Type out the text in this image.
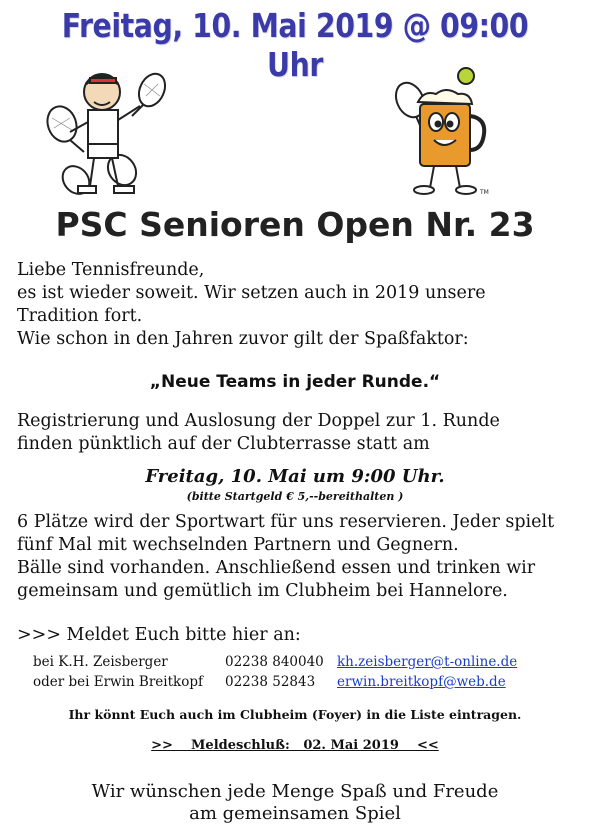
Freitag, 10. Mai 2019 @ 09:00 Uhr
TM
PSC Senioren Open Nr. 23

Liebe Tennisfreunde,
es ist wieder soweit. Wir setzen auch in 2019 unsere
Tradition fort.
Wie schon in den Jahren zuvor gilt der Spaßfaktor:

„Neue Teams in jeder Runde.“

Registrierung und Auslosung der Doppel zur 1. Runde
finden pünktlich auf der Clubterrasse statt am

Freitag, 10. Mai um 9:00 Uhr.
(bitte Startgeld € 5,--bereithalten )

6 Plätze wird der Sportwart für uns reservieren. Jeder spielt
fünf Mal mit wechselnden Partnern und Gegnern.
Bälle sind vorhanden. Anschließend essen und trinken wir
gemeinsam und gemütlich im Clubheim bei Hannelore.

>>> Meldet Euch bitte hier an:

bei K.H. Zeisberger	02238 840040 kh.zeisberger@t-online.de
oder bei Erwin Breitkopf	02238 52843	erwin.breitkopf@web.de
Ihr könnt Euch auch im Clubheim (Foyer) in die Liste eintragen.
>>    Meldeschluß:   02. Mai 2019    <<
Wir wünschen jede Menge Spaß und Freude
am gemeinsamen Spiel
